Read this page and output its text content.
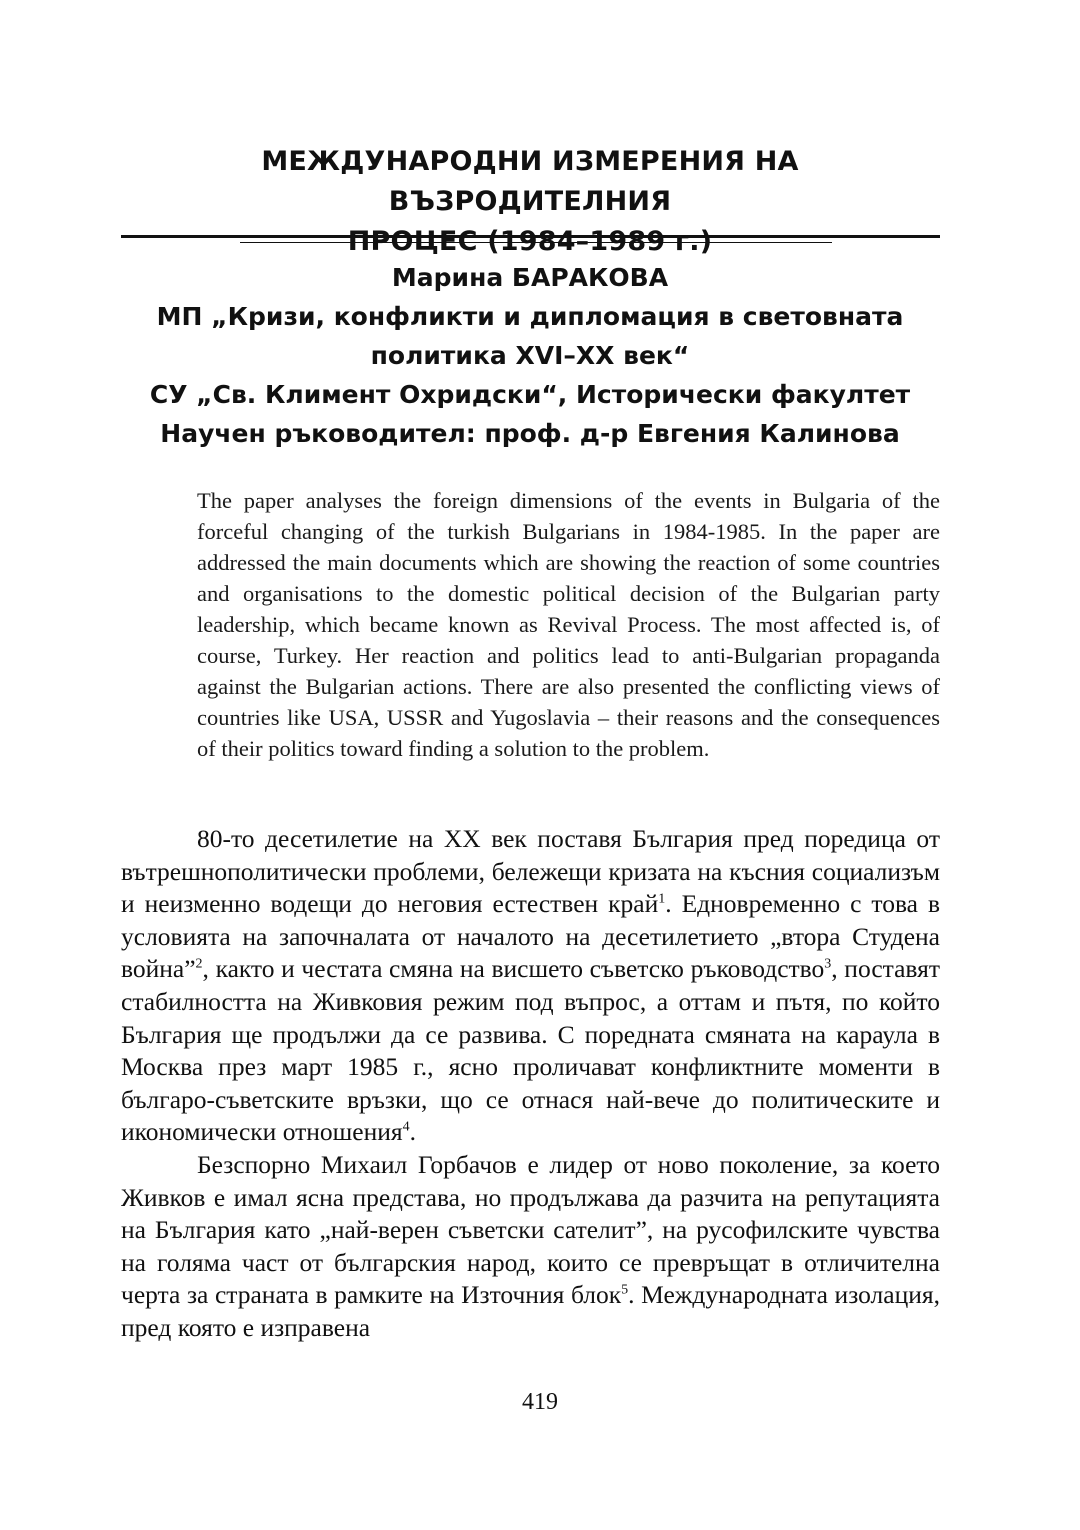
МЕЖДУНАРОДНИ ИЗМЕРЕНИЯ НА ВЪЗРОДИТЕЛНИЯ
Марина БАРАКОВА
МП „Кризи, конфликти и дипломация в световната
политика XVI–XX век“
СУ „Св. Климент Охридски“, Исторически факултет
Научен ръководител: проф. д-р Евгения Калинова
The paper analyses the foreign dimensions of the events in Bulgaria of the forceful changing of the turkish Bulgarians in 1984-1985. In the paper are addressed the main documents which are showing the reaction of some countries and organisations to the domestic political decision of the Bulgarian party leadership, which became known as Revival Process. The most affected is, of course, Turkey. Her reaction and politics lead to anti-Bulgarian propaganda against the Bulgarian actions. There are also presented the conflicting views of countries like USA, USSR and Yugoslavia – their reasons and the consequences of their politics toward finding a solution to the problem.

80-то десетилетие на XX век поставя България пред поредица от вътрешнополитически проблеми, бележещи кризата на късния социализъм и неизменно водещи до неговия естествен край$^1$. Едновременно с това в условията на започналата от началото на десетилетието „втора Студена война”$^2$, както и честата смяна на висшето съветско ръководство$^3$, поставят стабилността на Живковия режим под въпрос, а оттам и пътя, по който България ще продължи да се развива. С поредната смяната на караула в Москва през март 1985 г., ясно проличават конфликтните моменти в българо-съветските връзки, що се отнася най-вече до политическите и икономически отношения$^4$.

Безспорно Михаил Горбачов е лидер от ново поколение, за което Живков е имал ясна представа, но продължава да разчита на репутацията на България като „най-верен съветски сателит”, на русофилските чувства на голяма част от българския народ, които се превръщат в отличителна черта за страната в рамките на Източния блок$^5$. Международната изолация, пред която е изправена

419
